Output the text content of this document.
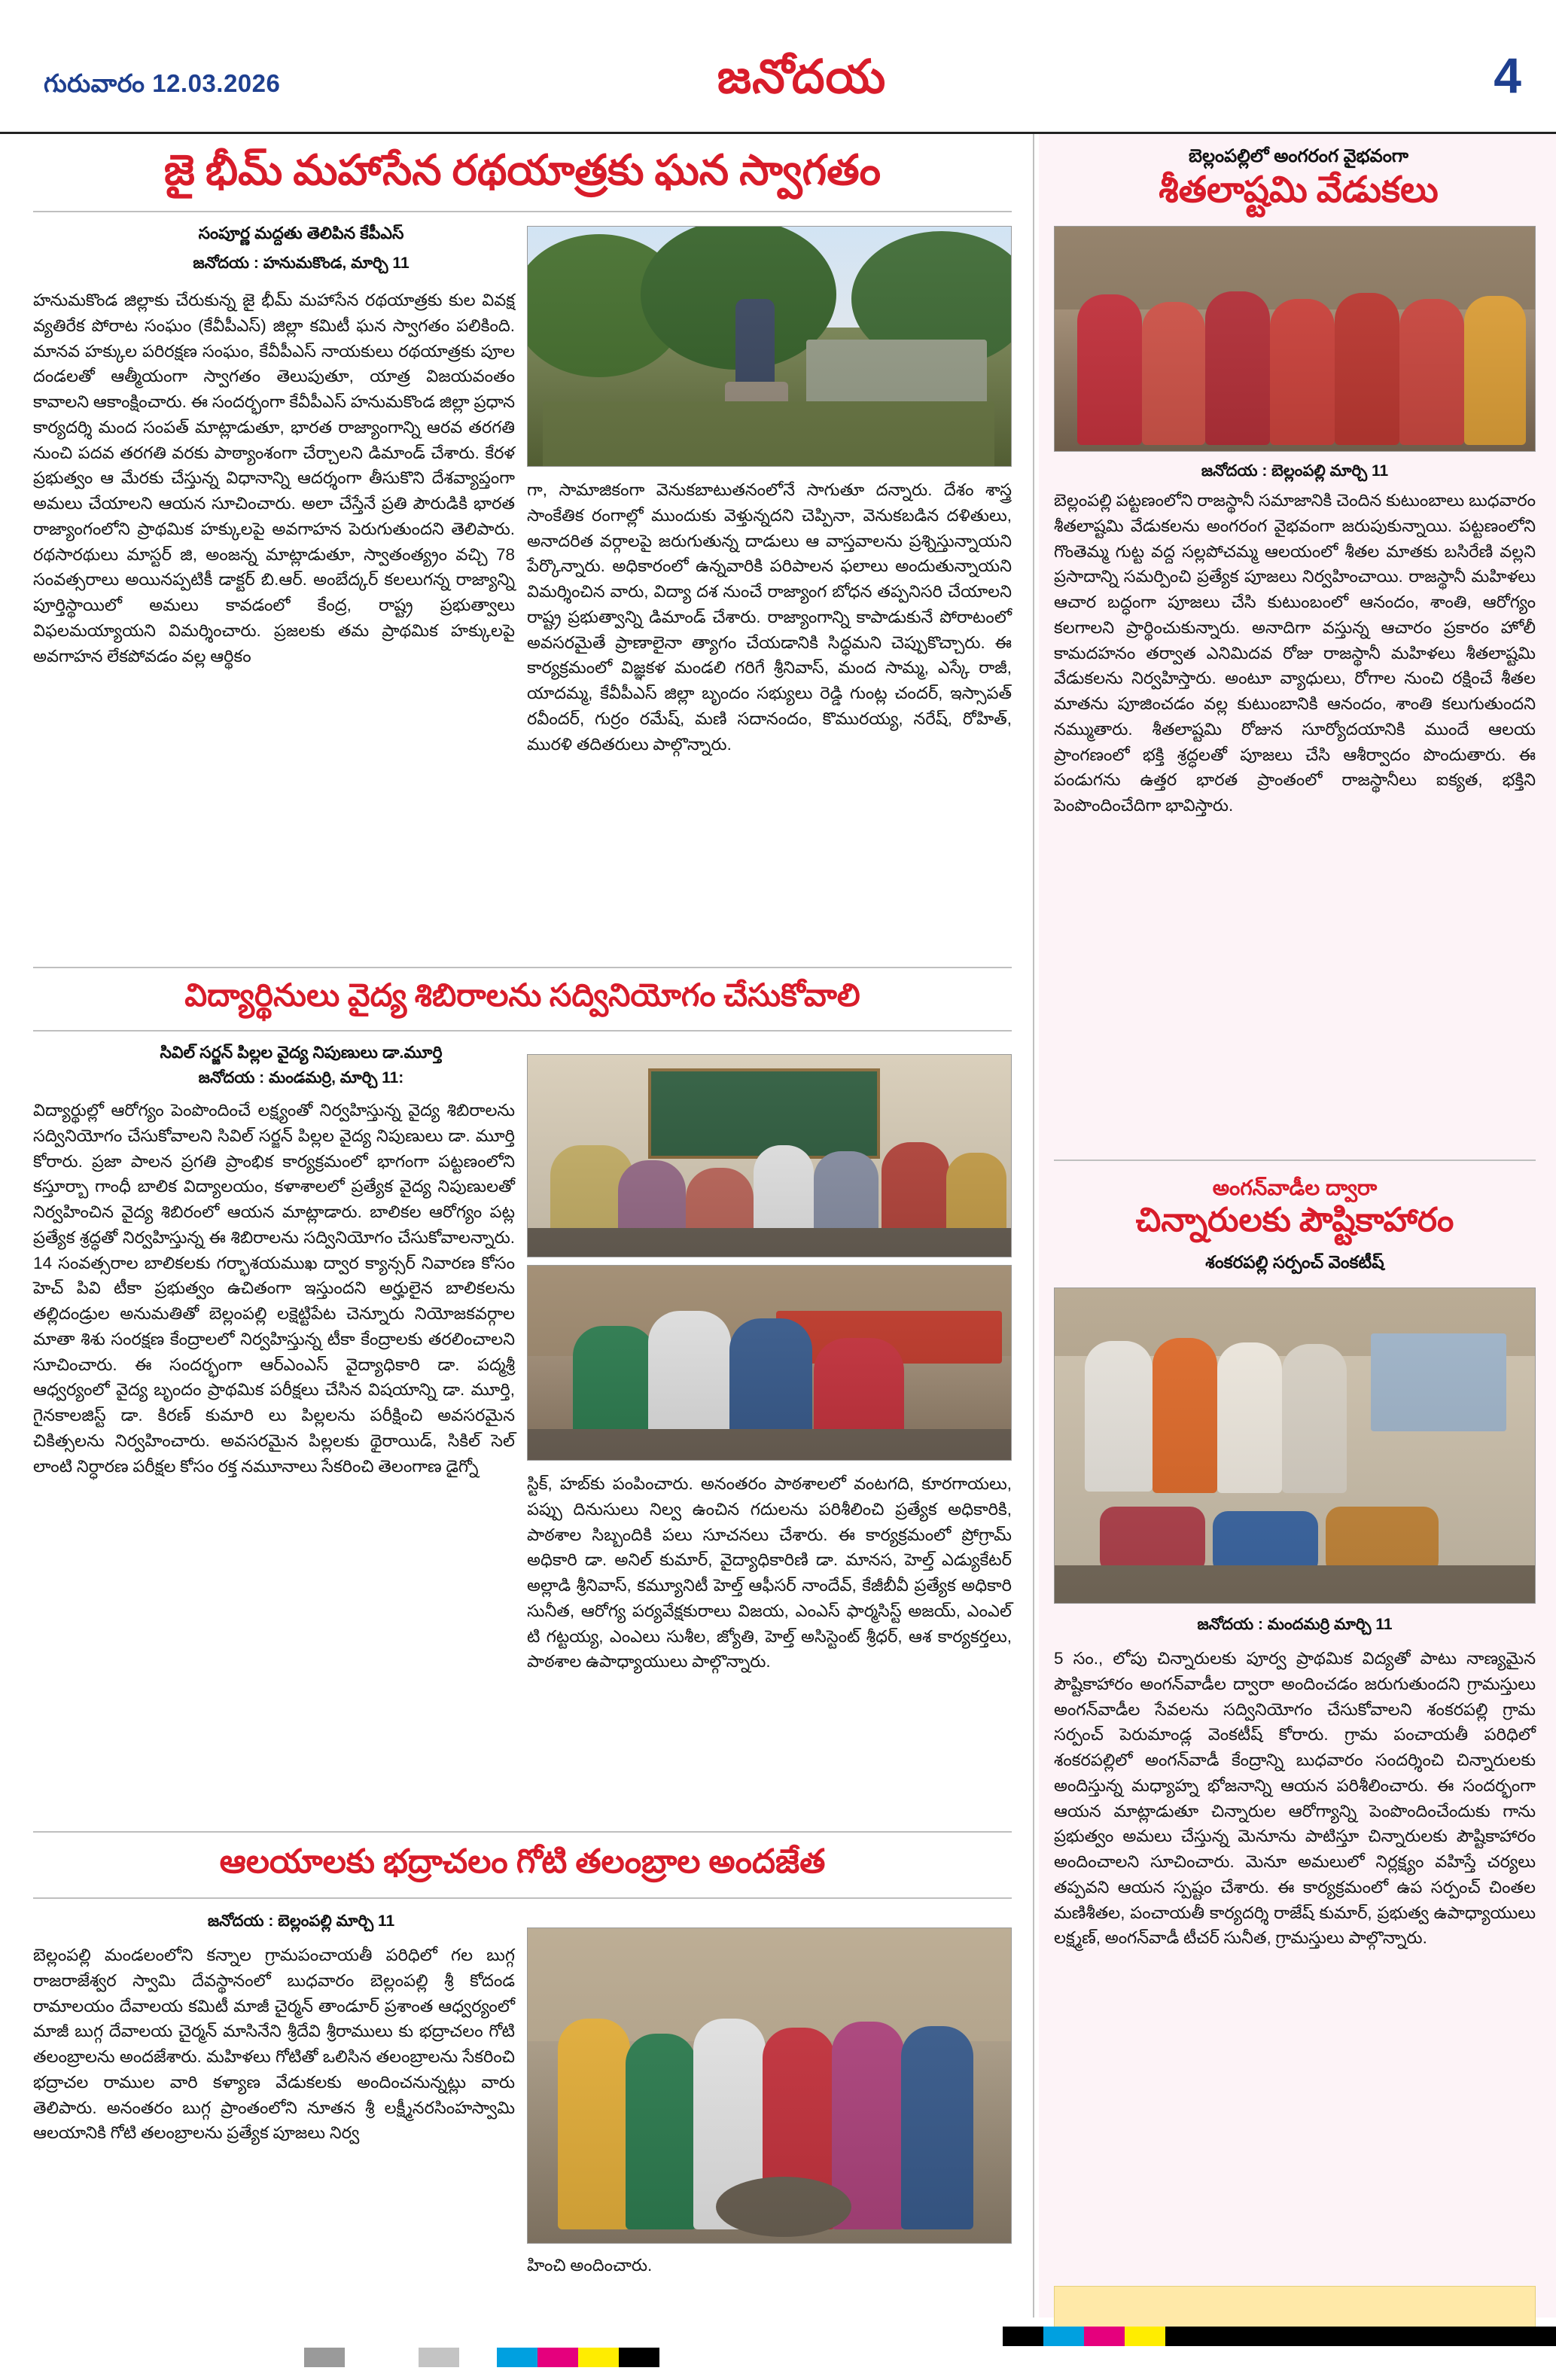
గురువారం 12.03.2026	జనోదయ	4
జై భీమ్ మహాసేన రథయాత్రకు ఘన స్వాగతం
సంపూర్ణ మద్దతు తెలిపిన కేపీఎస్
జనోదయ : హనుమకొండ, మార్చి 11
హనుమకొండ జిల్లాకు చేరుకున్న జై భీమ్ మహాసేన రథయాత్రకు కుల వివక్ష వ్యతిరేక పోరాట సంఘం (కేవీపీఎస్) జిల్లా కమిటీ ఘన స్వాగతం పలికింది. మానవ హక్కుల పరిరక్షణ సంఘం, కేవీపీఎస్ నాయకులు రథయాత్రకు పూల దండలతో ఆత్మీయంగా స్వాగతం తెలుపుతూ, యాత్ర విజయవంతం కావాలని ఆకాంక్షించారు. ఈ సందర్భంగా కేవీపీఎస్ హనుమకొండ జిల్లా ప్రధాన కార్యదర్శి మంద సంపత్ మాట్లాడుతూ, భారత రాజ్యాంగాన్ని ఆరవ తరగతి నుంచి పదవ తరగతి వరకు పాఠ్యాంశంగా చేర్చాలని డిమాండ్ చేశారు. కేరళ ప్రభుత్వం ఆ మేరకు చేస్తున్న విధానాన్ని ఆదర్శంగా తీసుకొని దేశవ్యాప్తంగా అమలు చేయాలని ఆయన సూచించారు. అలా చేస్తేనే ప్రతి పౌరుడికి భారత రాజ్యాంగంలోని ప్రాథమిక హక్కులపై అవగాహన పెరుగుతుందని తెలిపారు. రథసారథులు మాస్టర్ జి, అంజన్న మాట్లాడుతూ, స్వాతంత్య్రం వచ్చి 78 సంవత్సరాలు అయినప్పటికీ డాక్టర్ బి.ఆర్. అంబేద్కర్ కలలుగన్న రాజ్యాన్ని పూర్తిస్థాయిలో అమలు కావడంలో కేంద్ర, రాష్ట్ర ప్రభుత్వాలు విఫలమయ్యాయని విమర్శించారు. ప్రజలకు తమ ప్రాథమిక హక్కులపై అవగాహన లేకపోవడం వల్ల ఆర్థికం
గా, సామాజికంగా వెనుకబాటుతనంలోనే సాగుతూ దన్నారు. దేశం శాస్త్ర సాంకేతిక రంగాల్లో ముందుకు వెళ్తున్నదని చెప్పినా, వెనుకబడిన దళితులు, అనాదరిత వర్గాలపై జరుగుతున్న దాడులు ఆ వాస్తవాలను ప్రశ్నిస్తున్నాయని పేర్కొన్నారు. అధికారంలో ఉన్నవారికి పరిపాలన ఫలాలు అందుతున్నాయని విమర్శించిన వారు, విద్యా దశ నుంచే రాజ్యాంగ బోధన తప్పనిసరి చేయాలని రాష్ట్ర ప్రభుత్వాన్ని డిమాండ్ చేశారు. రాజ్యాంగాన్ని కాపాడుకునే పోరాటంలో అవసరమైతే ప్రాణాలైనా త్యాగం చేయడానికి సిద్ధమని చెప్పుకొచ్చారు. ఈ కార్యక్రమంలో విజ్ఞకళ మండలి గరిగే శ్రీనివాస్, మంద సామ్మ, ఎస్కే రాజీ, యాదమ్మ, కేవీపీఎస్ జిల్లా బృందం సభ్యులు రెడ్డి గుంట్ల చందర్, ఇస్సాపత్ రవీందర్, గుర్రం రమేష్, మణి సదానందం, కొమురయ్య, నరేష్, రోహిత్, మురళి తదితరులు పాల్గొన్నారు.
విద్యార్థినులు వైద్య శిబిరాలను సద్వినియోగం చేసుకోవాలి
సివిల్ సర్జన్ పిల్లల వైద్య నిపుణులు డా.మూర్తి
జనోదయ : మండమర్రి, మార్చి 11:
విద్యార్థుల్లో ఆరోగ్యం పెంపొందించే లక్ష్యంతో నిర్వహిస్తున్న వైద్య శిబిరాలను సద్వినియోగం చేసుకోవాలని సివిల్ సర్జన్ పిల్లల వైద్య నిపుణులు డా. మూర్తి కోరారు. ప్రజా పాలన ప్రగతి ప్రాంభిక కార్యక్రమంలో భాగంగా పట్టణంలోని కస్తూర్బా గాంధీ బాలిక విద్యాలయం, కళాశాలలో ప్రత్యేక వైద్య నిపుణులతో నిర్వహించిన వైద్య శిబిరంలో ఆయన మాట్లాడారు. బాలికల ఆరోగ్యం పట్ల ప్రత్యేక శ్రద్ధతో నిర్వహిస్తున్న ఈ శిబిరాలను సద్వినియోగం చేసుకోవాలన్నారు. 14 సంవత్సరాల బాలికలకు గర్భాశయముఖ ద్వార క్యాన్సర్ నివారణ కోసం హెచ్ పివి టీకా ప్రభుత్వం ఉచితంగా ఇస్తుందని అర్హులైన బాలికలను తల్లిదండ్రుల అనుమతితో బెల్లంపల్లి లక్షెట్టిపేట చెన్నూరు నియోజకవర్గాల మాతా శిశు సంరక్షణ కేంద్రాలలో నిర్వహిస్తున్న టీకా కేంద్రాలకు తరలించాలని సూచించారు. ఈ సందర్భంగా ఆర్ఎంఎస్ వైద్యాధికారి డా. పద్మశ్రీ ఆధ్వర్యంలో వైద్య బృందం ప్రాథమిక పరీక్షలు చేసిన విషయాన్ని డా. మూర్తి, గైనకాలజిస్ట్ డా. కిరణ్ కుమారి లు పిల్లలను పరీక్షించి అవసరమైన చికిత్సలను నిర్వహించారు. అవసరమైన పిల్లలకు థైరాయిడ్, సికిల్ సెల్ లాంటి నిర్ధారణ పరీక్షల కోసం రక్త నమూనాలు సేకరించి తెలంగాణ డైగ్నో
స్టిక్, హబ్‌కు పంపించారు. అనంతరం పాఠశాలలో వంటగది, కూరగాయలు, పప్పు దినుసులు నిల్వ ఉంచిన గదులను పరిశీలించి ప్రత్యేక అధికారికి, పాఠశాల సిబ్బందికి పలు సూచనలు చేశారు. ఈ కార్యక్రమంలో ప్రోగ్రామ్ అధికారి డా. అనిల్ కుమార్, వైద్యాధికారిణి డా. మానస, హెల్త్ ఎడ్యుకేటర్ అల్లాడి శ్రీనివాస్, కమ్యూనిటీ హెల్త్ ఆఫీసర్ నాందేవ్, కేజీబీవీ ప్రత్యేక అధికారి సునీత, ఆరోగ్య పర్యవేక్షకురాలు విజయ, ఎంఎస్ ఫార్మసిస్ట్ అజయ్, ఎంఎల్ టి గట్టయ్య, ఎంఎలు సుశీల, జ్యోతి, హెల్త్ అసిస్టెంట్ శ్రీధర్, ఆశ కార్యకర్తలు, పాఠశాల ఉపాధ్యాయులు పాల్గొన్నారు.
ఆలయాలకు భద్రాచలం గోటి తలంబ్రాల అందజేత
జనోదయ : బెల్లంపల్లి మార్చి 11
బెల్లంపల్లి మండలంలోని కన్నాల గ్రామపంచాయతీ పరిధిలో గల బుగ్గ రాజరాజేశ్వర స్వామి దేవస్థానంలో బుధవారం బెల్లంపల్లి శ్రీ కోదండ రామాలయం దేవాలయ కమిటీ మాజీ చైర్మన్ తాండూర్ ప్రశాంత ఆధ్వర్యంలో మాజీ బుగ్గ దేవాలయ చైర్మన్ మాసినేని శ్రీదేవి శ్రీరాములు కు భద్రాచలం గోటి తలంబ్రాలను అందజేశారు. మహిళలు గోటితో ఒలిసిన తలంబ్రాలను సేకరించి భద్రాచల రాముల వారి కళ్యాణ వేడుకలకు అందించనున్నట్లు వారు తెలిపారు. అనంతరం బుగ్గ ప్రాంతంలోని నూతన శ్రీ లక్ష్మీనరసింహస్వామి ఆలయానికి గోటి తలంబ్రాలను ప్రత్యేక పూజలు నిర్వ
హించి అందించారు.
బెల్లంపల్లిలో అంగరంగ వైభవంగా
శీతలాష్టమి వేడుకలు
జనోదయ : బెల్లంపల్లి మార్చి 11
బెల్లంపల్లి పట్టణంలోని రాజస్థానీ సమాజానికి చెందిన కుటుంబాలు బుధవారం శీతలాష్టమి వేడుకలను అంగరంగ వైభవంగా జరుపుకున్నాయి. పట్టణంలోని గొంతెమ్మ గుట్ట వద్ద సల్లపోచమ్మ ఆలయంలో శీతల మాతకు బసిరేణి వల్లని ప్రసాదాన్ని సమర్పించి ప్రత్యేక పూజలు నిర్వహించాయి. రాజస్థానీ మహిళలు ఆచార బద్ధంగా పూజలు చేసి కుటుంబంలో ఆనందం, శాంతి, ఆరోగ్యం కలగాలని ప్రార్థించుకున్నారు. అనాదిగా వస్తున్న ఆచారం ప్రకారం హోలీ కామదహనం తర్వాత ఎనిమిదవ రోజు రాజస్థానీ మహిళలు శీతలాష్టమి వేడుకలను నిర్వహిస్తారు. అంటూ వ్యాధులు, రోగాల నుంచి రక్షించే శీతల మాతను పూజించడం వల్ల కుటుంబానికి ఆనందం, శాంతి కలుగుతుందని నమ్ముతారు. శీతలాష్టమి రోజున సూర్యోదయానికి ముందే ఆలయ ప్రాంగణంలో భక్తి శ్రద్ధలతో పూజలు చేసి ఆశీర్వాదం పొందుతారు. ఈ పండుగను ఉత్తర భారత ప్రాంతంలో రాజస్థానీలు ఐక్యత, భక్తిని పెంపొందించేదిగా భావిస్తారు.
అంగన్‌వాడీల ద్వారా
చిన్నారులకు పౌష్టికాహారం
శంకరపల్లి సర్పంచ్ వెంకటీష్
జనోదయ : మందమర్రి మార్చి 11
5 సం., లోపు చిన్నారులకు పూర్వ ప్రాథమిక విద్యతో పాటు నాణ్యమైన పౌష్టికాహారం అంగన్‌వాడీల ద్వారా అందించడం జరుగుతుందని గ్రామస్తులు అంగన్‌వాడీల సేవలను సద్వినియోగం చేసుకోవాలని శంకరపల్లి గ్రామ సర్పంచ్ పెరుమాండ్ల వెంకటీష్ కోరారు. గ్రామ పంచాయతీ పరిధిలో శంకరపల్లిలో అంగన్‌వాడీ కేంద్రాన్ని బుధవారం సందర్శించి చిన్నారులకు అందిస్తున్న మధ్యాహ్న భోజనాన్ని ఆయన పరిశీలించారు. ఈ సందర్భంగా ఆయన మాట్లాడుతూ చిన్నారుల ఆరోగ్యాన్ని పెంపొందించేందుకు గాను ప్రభుత్వం అమలు చేస్తున్న మెనూను పాటిస్తూ చిన్నారులకు పౌష్టికాహారం అందించాలని సూచించారు. మెనూ అమలులో నిర్లక్ష్యం వహిస్తే చర్యలు తప్పవని ఆయన స్పష్టం చేశారు. ఈ కార్యక్రమంలో ఉప సర్పంచ్ చింతల మణిశీతల, పంచాయతీ కార్యదర్శి రాజేష్ కుమార్, ప్రభుత్వ ఉపాధ్యాయులు లక్ష్మణ్, అంగన్‌వాడీ టీచర్ సునీత, గ్రామస్తులు పాల్గొన్నారు.
